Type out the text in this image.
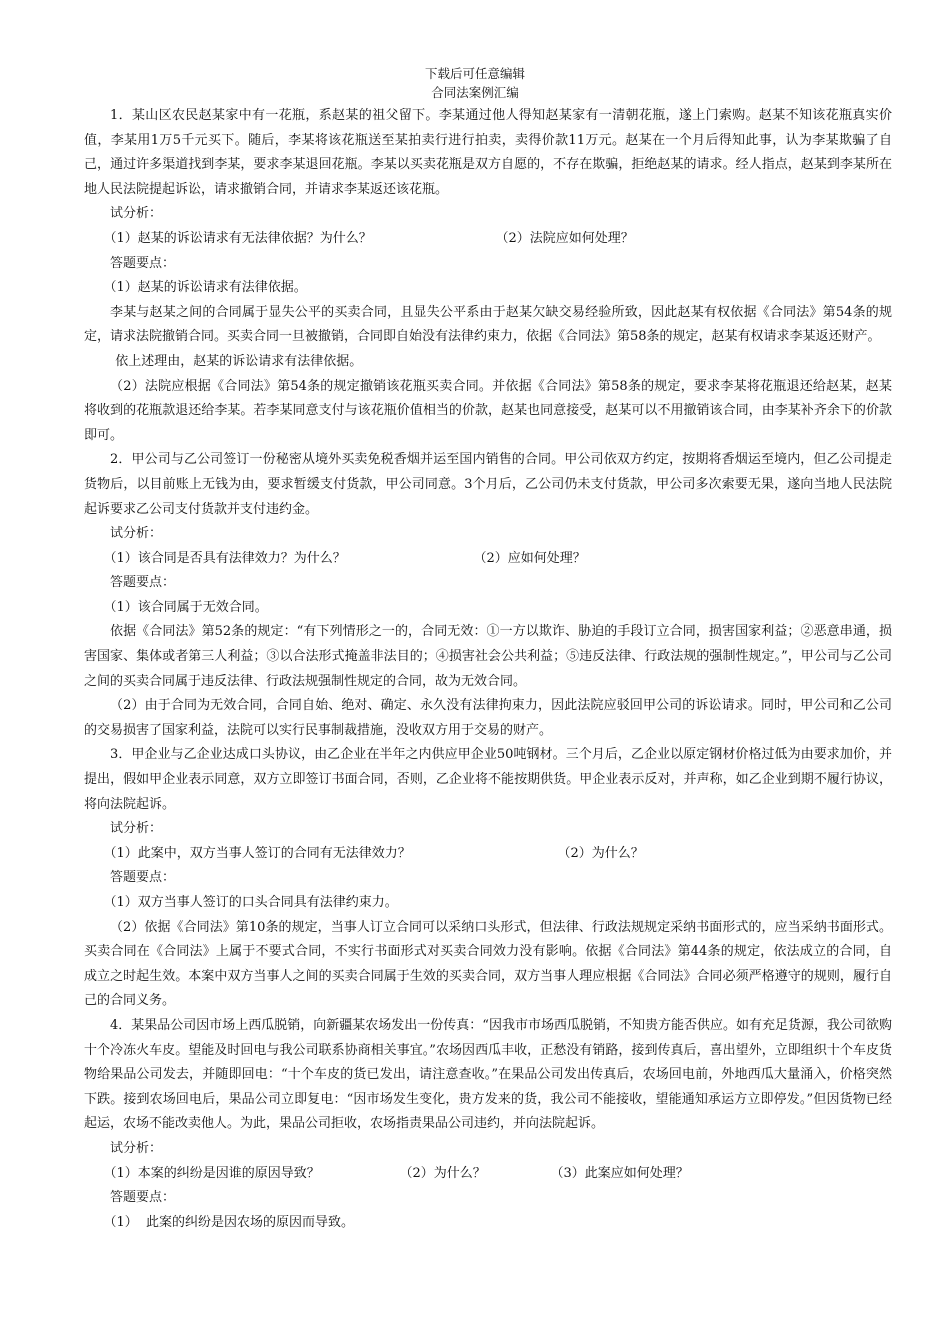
下载后可任意编辑
合同法案例汇编

1．某山区农民赵某家中有一花瓶，系赵某的祖父留下。李某通过他人得知赵某家有一清朝花瓶，遂上门索购。赵某不知该花瓶真实价值，李某用1万5千元买下。随后，李某将该花瓶送至某拍卖行进行拍卖，卖得价款11万元。赵某在一个月后得知此事，认为李某欺骗了自己，通过许多渠道找到李某，要求李某退回花瓶。李某以买卖花瓶是双方自愿的，不存在欺骗，拒绝赵某的请求。经人指点，赵某到李某所在地人民法院提起诉讼，请求撤销合同，并请求李某返还该花瓶。

试分析：

（1）赵某的诉讼请求有无法律依据？为什么？	（2）法院应如何处理？

答题要点：

（1）赵某的诉讼请求有法律依据。

李某与赵某之间的合同属于显失公平的买卖合同，且显失公平系由于赵某欠缺交易经验所致，因此赵某有权依据《合同法》第54条的规定，请求法院撤销合同。买卖合同一旦被撤销，合同即自始没有法律约束力，依据《合同法》第58条的规定，赵某有权请求李某返还财产。

依上述理由，赵某的诉讼请求有法律依据。

（2）法院应根据《合同法》第54条的规定撤销该花瓶买卖合同。并依据《合同法》第58条的规定，要求李某将花瓶退还给赵某，赵某将收到的花瓶款退还给李某。若李某同意支付与该花瓶价值相当的价款，赵某也同意接受，赵某可以不用撤销该合同，由李某补齐余下的价款即可。

2．甲公司与乙公司签订一份秘密从境外买卖免税香烟并运至国内销售的合同。甲公司依双方约定，按期将香烟运至境内，但乙公司提走货物后，以目前账上无钱为由，要求暂缓支付货款，甲公司同意。3个月后，乙公司仍未支付货款，甲公司多次索要无果，遂向当地人民法院起诉要求乙公司支付货款并支付违约金。

试分析：

（1）该合同是否具有法律效力？为什么？	（2）应如何处理？

答题要点：

（1）该合同属于无效合同。

依据《合同法》第52条的规定：“有下列情形之一的，合同无效：①一方以欺诈、胁迫的手段订立合同，损害国家利益；②恶意串通，损害国家、集体或者第三人利益；③以合法形式掩盖非法目的；④损害社会公共利益；⑤违反法律、行政法规的强制性规定。”，甲公司与乙公司之间的买卖合同属于违反法律、行政法规强制性规定的合同，故为无效合同。

（2）由于合同为无效合同，合同自始、绝对、确定、永久没有法律拘束力，因此法院应驳回甲公司的诉讼请求。同时，甲公司和乙公司的交易损害了国家利益，法院可以实行民事制裁措施，没收双方用于交易的财产。

3．甲企业与乙企业达成口头协议，由乙企业在半年之内供应甲企业50吨钢材。三个月后，乙企业以原定钢材价格过低为由要求加价，并提出，假如甲企业表示同意，双方立即签订书面合同，否则，乙企业将不能按期供货。甲企业表示反对，并声称，如乙企业到期不履行协议，将向法院起诉。

试分析：

（1）此案中，双方当事人签订的合同有无法律效力？	（2）为什么？

答题要点：

（1）双方当事人签订的口头合同具有法律约束力。

（2）依据《合同法》第10条的规定，当事人订立合同可以采纳口头形式，但法律、行政法规规定采纳书面形式的，应当采纳书面形式。买卖合同在《合同法》上属于不要式合同，不实行书面形式对买卖合同效力没有影响。依据《合同法》第44条的规定，依法成立的合同，自成立之时起生效。本案中双方当事人之间的买卖合同属于生效的买卖合同，双方当事人理应根据《合同法》合同必须严格遵守的规则，履行自己的合同义务。

4．某果品公司因市场上西瓜脱销，向新疆某农场发出一份传真：“因我市市场西瓜脱销，不知贵方能否供应。如有充足货源，我公司欲购十个冷冻火车皮。望能及时回电与我公司联系协商相关事宜。”农场因西瓜丰收，正愁没有销路，接到传真后，喜出望外，立即组织十个车皮货物给果品公司发去，并随即回电：“十个车皮的货已发出，请注意查收。”在果品公司发出传真后，农场回电前，外地西瓜大量涌入，价格突然下跌。接到农场回电后，果品公司立即复电：“因市场发生变化，贵方发来的货，我公司不能接收，望能通知承运方立即停发。”但因货物已经起运，农场不能改卖他人。为此，果品公司拒收，农场指责果品公司违约，并向法院起诉。

试分析：

（1）本案的纠纷是因谁的原因导致？	（2）为什么？	（3）此案应如何处理？

答题要点：

（1）  此案的纠纷是因农场的原因而导致。
